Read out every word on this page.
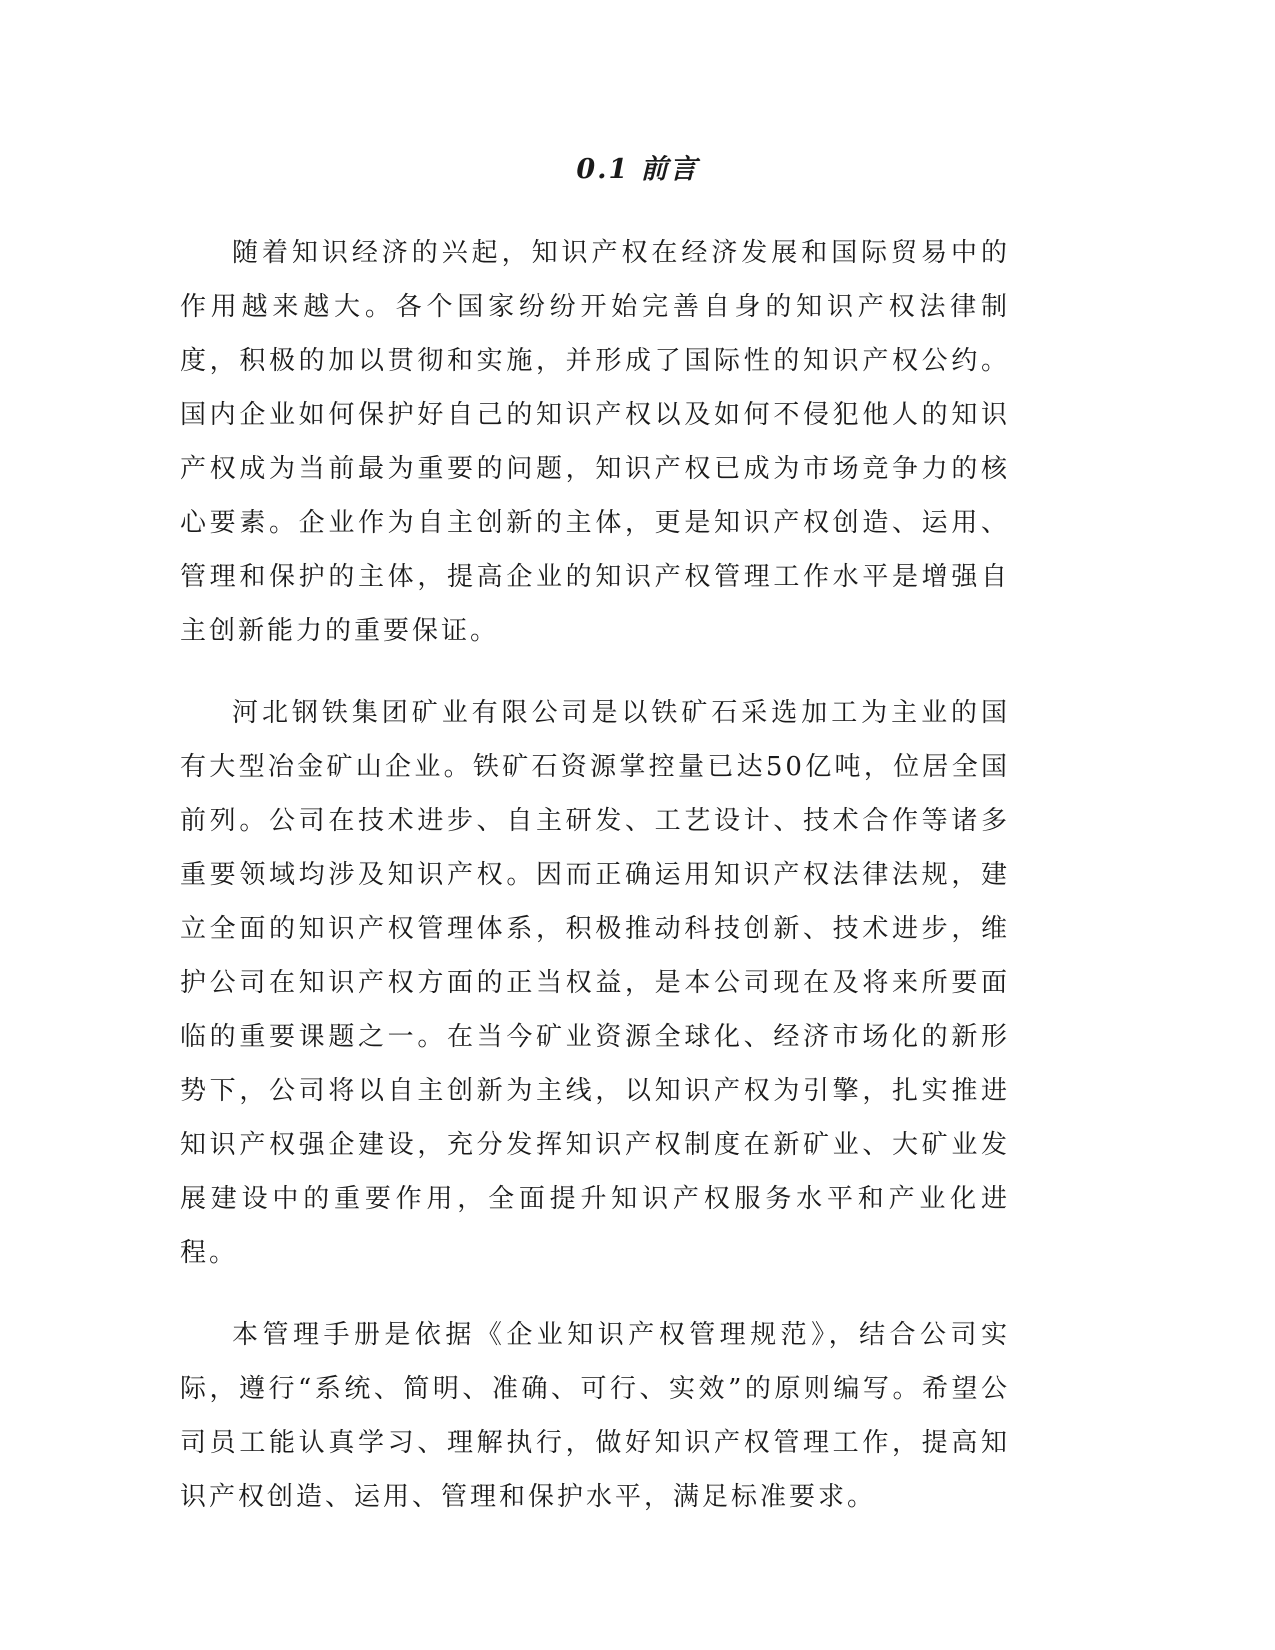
0.1 前言

随着知识经济的兴起，知识产权在经济发展和国际贸易中的作用越来越大。各个国家纷纷开始完善自身的知识产权法律制度，积极的加以贯彻和实施，并形成了国际性的知识产权公约。国内企业如何保护好自己的知识产权以及如何不侵犯他人的知识产权成为当前最为重要的问题，知识产权已成为市场竞争力的核心要素。企业作为自主创新的主体，更是知识产权创造、运用、管理和保护的主体，提高企业的知识产权管理工作水平是增强自主创新能力的重要保证。

河北钢铁集团矿业有限公司是以铁矿石采选加工为主业的国有大型冶金矿山企业。铁矿石资源掌控量已达50亿吨，位居全国前列。公司在技术进步、自主研发、工艺设计、技术合作等诸多重要领域均涉及知识产权。因而正确运用知识产权法律法规，建立全面的知识产权管理体系，积极推动科技创新、技术进步，维护公司在知识产权方面的正当权益，是本公司现在及将来所要面临的重要课题之一。在当今矿业资源全球化、经济市场化的新形势下，公司将以自主创新为主线，以知识产权为引擎，扎实推进知识产权强企建设，充分发挥知识产权制度在新矿业、大矿业发展建设中的重要作用，全面提升知识产权服务水平和产业化进程。

本管理手册是依据《企业知识产权管理规范》，结合公司实际，遵行“系统、简明、准确、可行、实效”的原则编写。希望公司员工能认真学习、理解执行，做好知识产权管理工作，提高知识产权创造、运用、管理和保护水平，满足标准要求。
